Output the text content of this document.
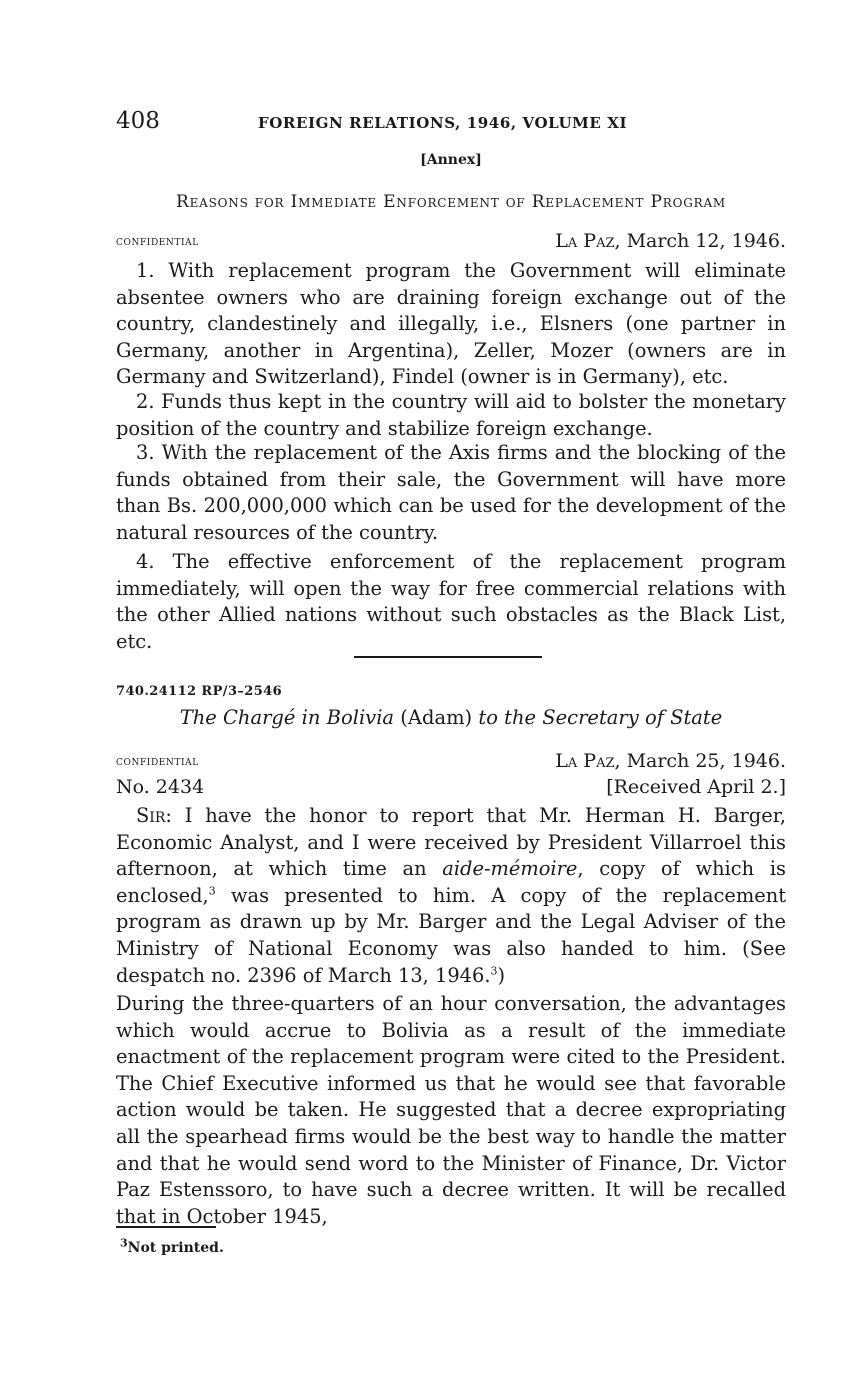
408	FOREIGN RELATIONS, 1946, VOLUME XI
[Annex]
Reasons for Immediate Enforcement of Replacement Program
confidential	La Paz, March 12, 1946.

1. With replacement program the Government will eliminate absentee owners who are draining foreign exchange out of the country, clandestinely and illegally, i.e., Elsners (one partner in Germany, another in Argentina), Zeller, Mozer (owners are in Germany and Switzerland), Findel (owner is in Germany), etc.

2. Funds thus kept in the country will aid to bolster the monetary position of the country and stabilize foreign exchange.

3. With the replacement of the Axis firms and the blocking of the funds obtained from their sale, the Government will have more than Bs. 200,000,000 which can be used for the development of the natural resources of the country.

4. The effective enforcement of the replacement program immediately, will open the way for free commercial relations with the other Allied nations without such obstacles as the Black List, etc.

740.24112 RP/3–2546
The Chargé in Bolivia (Adam) to the Secretary of State
confidential	La Paz, March 25, 1946.
No. 2434	[Received April 2.]

Sir: I have the honor to report that Mr. Herman H. Barger, Economic Analyst, and I were received by President Villarroel this afternoon, at which time an aide-mémoire, copy of which is enclosed,$^3$ was presented to him. A copy of the replacement program as drawn up by Mr. Barger and the Legal Adviser of the Ministry of National Economy was also handed to him. (See despatch no. 2396 of March 13, 1946.$^3$)

During the three-quarters of an hour conversation, the advantages which would accrue to Bolivia as a result of the immediate enactment of the replacement program were cited to the President. The Chief Executive informed us that he would see that favorable action would be taken. He suggested that a decree expropriating all the spearhead firms would be the best way to handle the matter and that he would send word to the Minister of Finance, Dr. Victor Paz Estenssoro, to have such a decree written. It will be recalled that in October 1945,

$^3$Not printed.
